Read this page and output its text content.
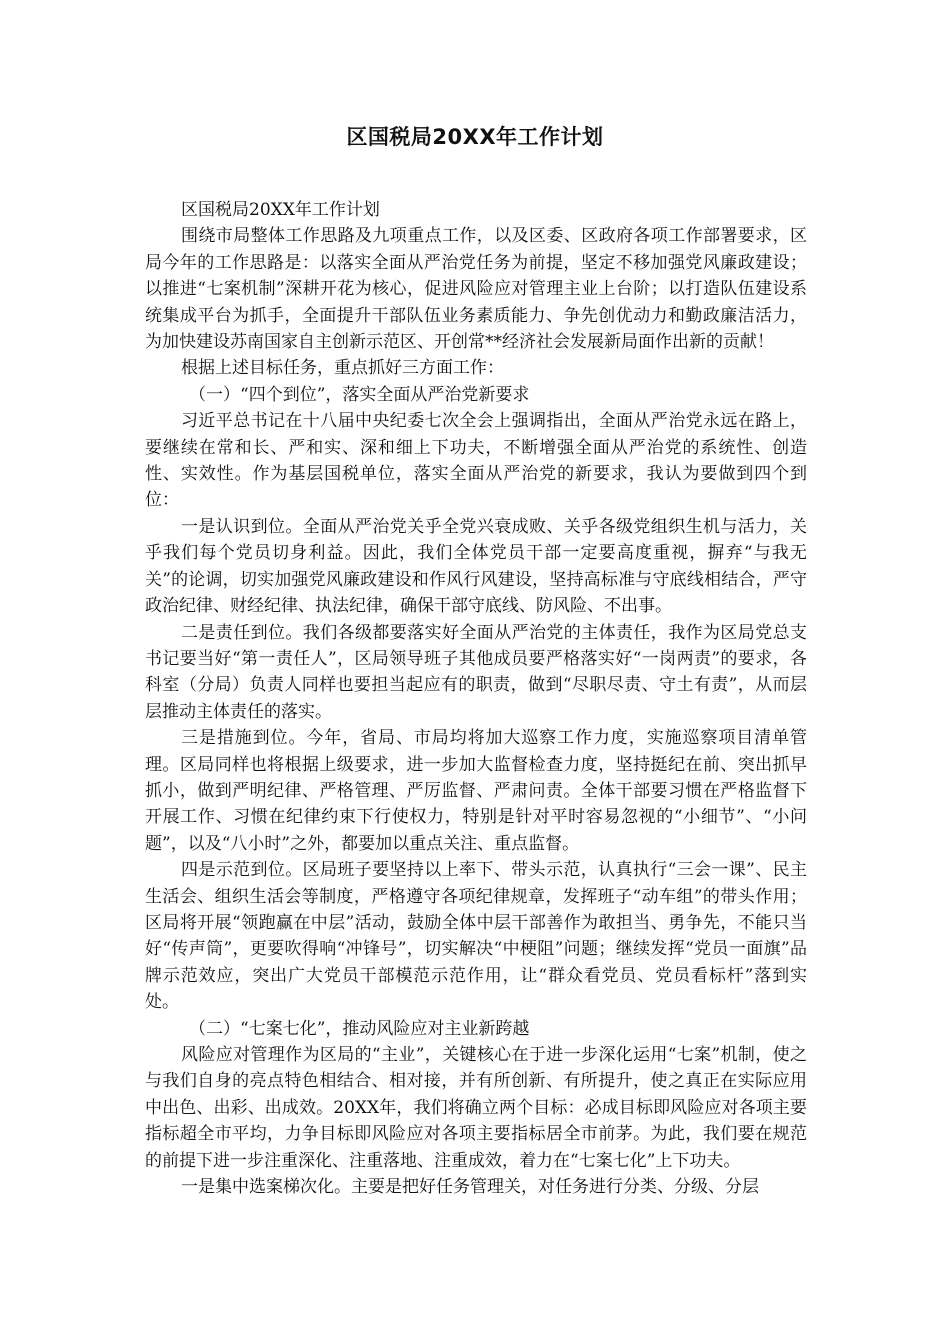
区国税局20XX年工作计划

区国税局20XX年工作计划

围绕市局整体工作思路及九项重点工作，以及区委、区政府各项工作部署要求，区局今年的工作思路是：以落实全面从严治党任务为前提，坚定不移加强党风廉政建设；以推进“七案机制”深耕开花为核心，促进风险应对管理主业上台阶；以打造队伍建设系统集成平台为抓手，全面提升干部队伍业务素质能力、争先创优动力和勤政廉洁活力，为加快建设苏南国家自主创新示范区、开创常**经济社会发展新局面作出新的贡献！

根据上述目标任务，重点抓好三方面工作：

（一）“四个到位”，落实全面从严治党新要求

习近平总书记在十八届中央纪委七次全会上强调指出，全面从严治党永远在路上，要继续在常和长、严和实、深和细上下功夫，不断增强全面从严治党的系统性、创造性、实效性。作为基层国税单位，落实全面从严治党的新要求，我认为要做到四个到位：

一是认识到位。全面从严治党关乎全党兴衰成败、关乎各级党组织生机与活力，关乎我们每个党员切身利益。因此，我们全体党员干部一定要高度重视，摒弃“与我无关”的论调，切实加强党风廉政建设和作风行风建设，坚持高标准与守底线相结合，严守政治纪律、财经纪律、执法纪律，确保干部守底线、防风险、不出事。

二是责任到位。我们各级都要落实好全面从严治党的主体责任，我作为区局党总支书记要当好“第一责任人”，区局领导班子其他成员要严格落实好“一岗两责”的要求，各科室（分局）负责人同样也要担当起应有的职责，做到“尽职尽责、守土有责”，从而层层推动主体责任的落实。

三是措施到位。今年，省局、市局均将加大巡察工作力度，实施巡察项目清单管理。区局同样也将根据上级要求，进一步加大监督检查力度，坚持挺纪在前、突出抓早抓小，做到严明纪律、严格管理、严厉监督、严肃问责。全体干部要习惯在严格监督下开展工作、习惯在纪律约束下行使权力，特别是针对平时容易忽视的“小细节”、“小问题”，以及“八小时”之外，都要加以重点关注、重点监督。

四是示范到位。区局班子要坚持以上率下、带头示范，认真执行“三会一课”、民主生活会、组织生活会等制度，严格遵守各项纪律规章，发挥班子“动车组”的带头作用；区局将开展“领跑赢在中层”活动，鼓励全体中层干部善作为敢担当、勇争先，不能只当好“传声筒”，更要吹得响“冲锋号”，切实解决“中梗阻”问题；继续发挥“党员一面旗”品牌示范效应，突出广大党员干部模范示范作用，让“群众看党员、党员看标杆”落到实处。

（二）“七案七化”，推动风险应对主业新跨越

风险应对管理作为区局的“主业”，关键核心在于进一步深化运用“七案”机制，使之与我们自身的亮点特色相结合、相对接，并有所创新、有所提升，使之真正在实际应用中出色、出彩、出成效。20XX年，我们将确立两个目标：必成目标即风险应对各项主要指标超全市平均，力争目标即风险应对各项主要指标居全市前茅。为此，我们要在规范的前提下进一步注重深化、注重落地、注重成效，着力在“七案七化”上下功夫。

一是集中选案梯次化。主要是把好任务管理关，对任务进行分类、分级、分层
